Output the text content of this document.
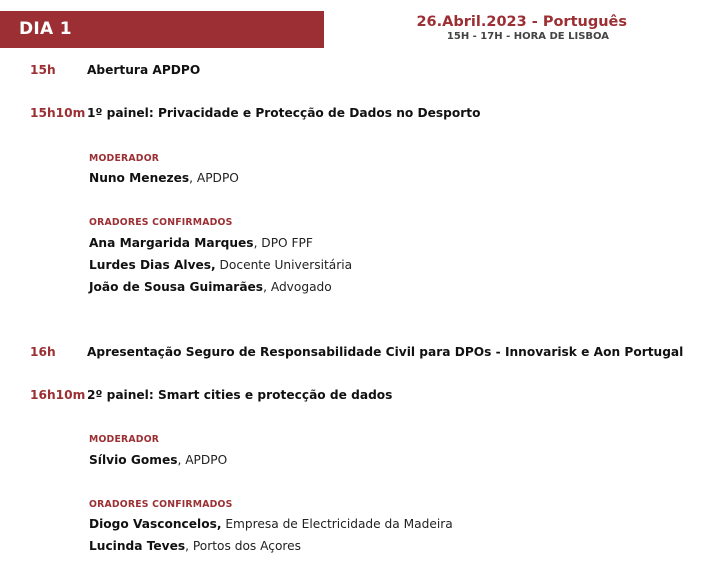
DIA 1	26.Abril.2023 - Português
15H - 17H - HORA DE LISBOA
15h	Abertura APDPO
15h10m 1º painel: Privacidade e Protecção de Dados no Desporto
MODERADOR
Nuno Menezes, APDPO
ORADORES CONFIRMADOS
Ana Margarida Marques, DPO FPF
Lurdes Dias Alves, Docente Universitária
João de Sousa Guimarães, Advogado
16h	Apresentação Seguro de Responsabilidade Civil para DPOs - Innovarisk e Aon Portugal
16h10m 2º painel: Smart cities e protecção de dados
MODERADOR
Sílvio Gomes, APDPO
ORADORES CONFIRMADOS
Diogo Vasconcelos, Empresa de Electricidade da Madeira
Lucinda Teves, Portos dos Açores
